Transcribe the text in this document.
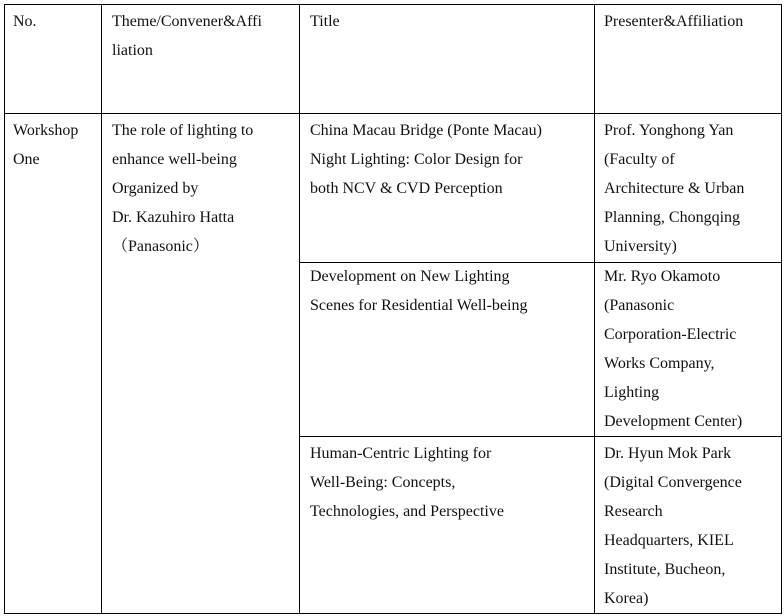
No.	Theme/Convener&Affi
liation
Title	Presenter&Affiliation
Workshop
One
The role of lighting to
enhance well-being
Organized by
Dr. Kazuhiro Hatta
（Panasonic）
China Macau Bridge (Ponte Macau)
Night Lighting: Color Design for
both NCV & CVD Perception
Prof. Yonghong Yan
(Faculty of
Architecture & Urban
Planning, Chongqing
University)
Development on New Lighting
Scenes for Residential Well-being
Mr. Ryo Okamoto
(Panasonic
Corporation-Electric
Works Company,
Lighting
Development Center)
Human-Centric Lighting for
Well-Being: Concepts,
Technologies, and Perspective
Dr. Hyun Mok Park
(Digital Convergence
Research
Headquarters, KIEL
Institute, Bucheon,
Korea)
